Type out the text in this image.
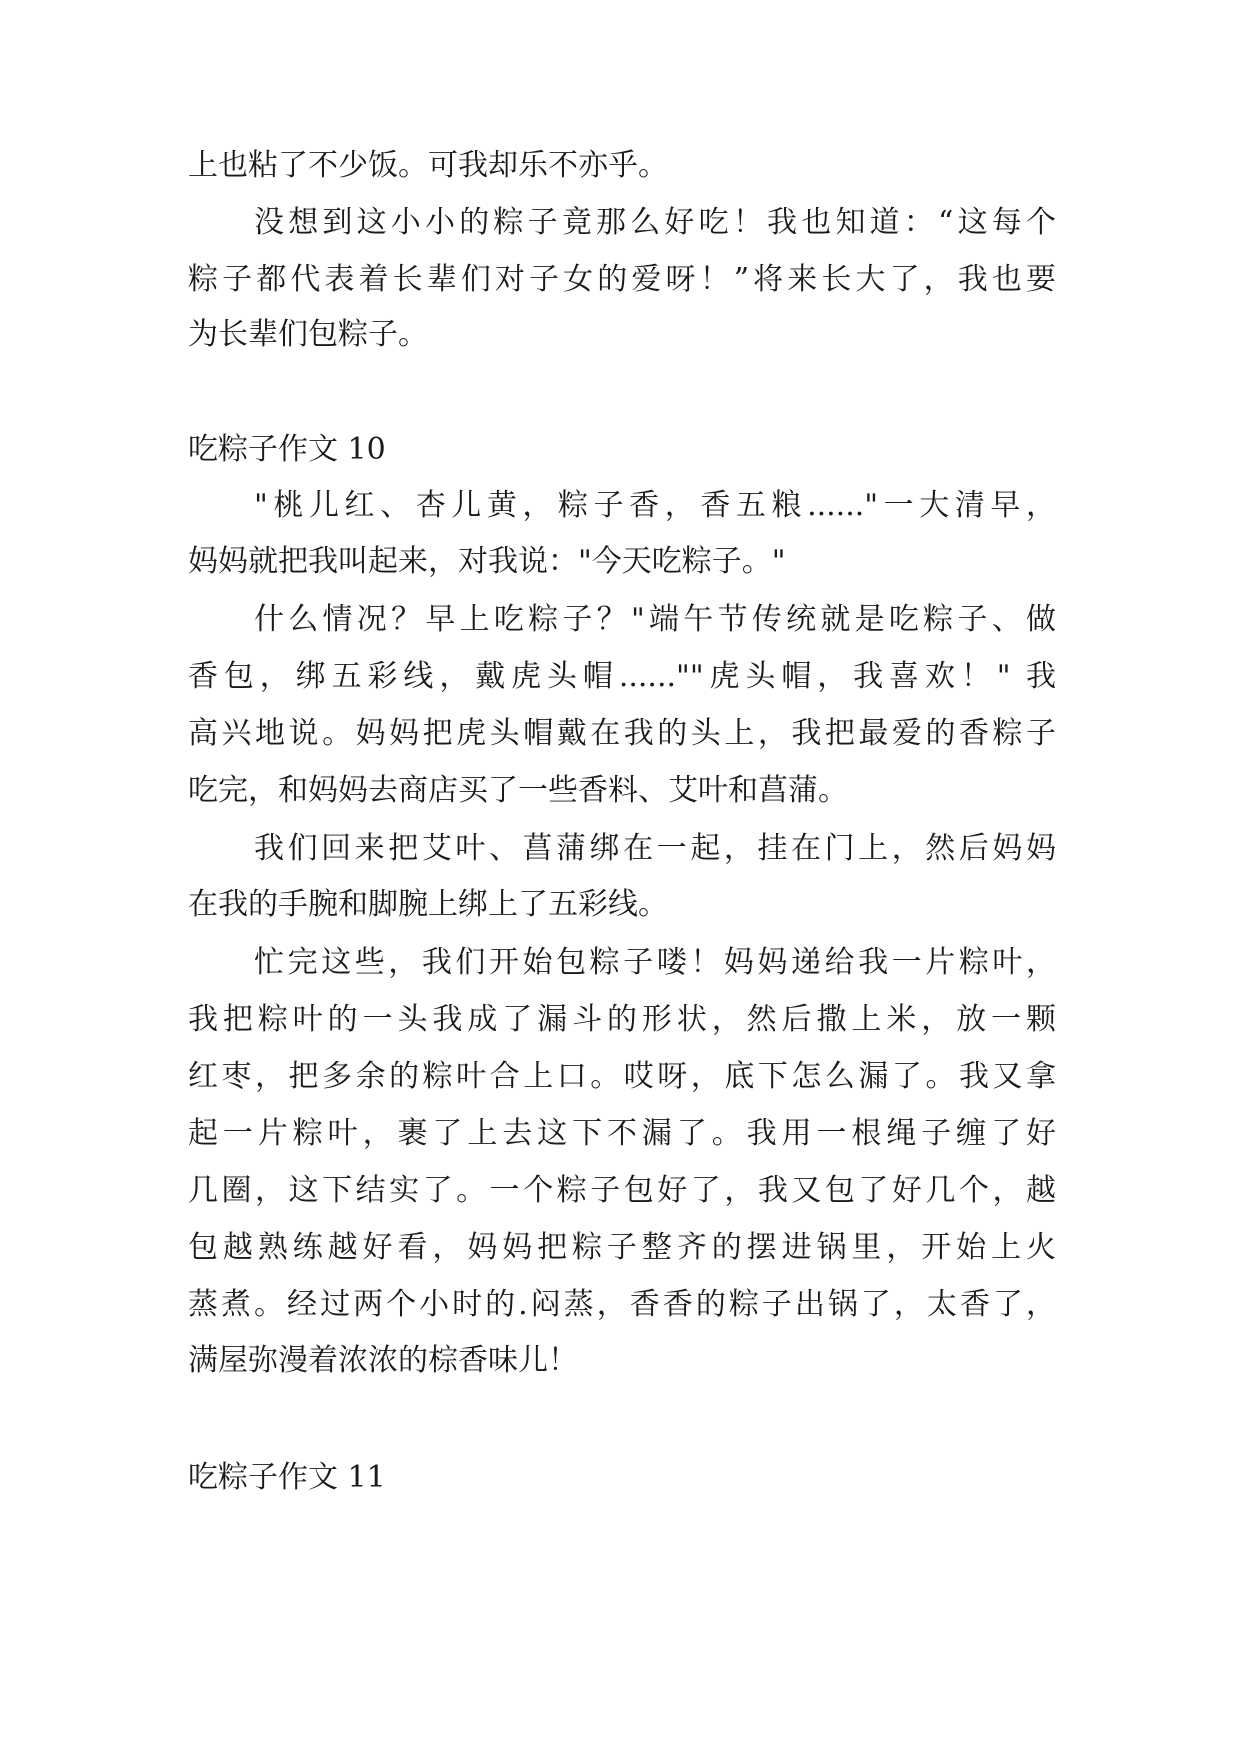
上也粘了不少饭。可我却乐不亦乎。
没想到这小小的粽子竟那么好吃！我也知道：“这每个
粽子都代表着长辈们对子女的爱呀！”将来长大了，我也要
为长辈们包粽子。
吃粽子作文 10
"桃儿红、杏儿黄，粽子香，香五粮......"一大清早，
妈妈就把我叫起来，对我说："今天吃粽子。"
什么情况？早上吃粽子？"端午节传统就是吃粽子、做
香包，绑五彩线，戴虎头帽......""虎头帽，我喜欢！" 我
高兴地说。妈妈把虎头帽戴在我的头上，我把最爱的香粽子
吃完，和妈妈去商店买了一些香料、艾叶和菖蒲。
我们回来把艾叶、菖蒲绑在一起，挂在门上，然后妈妈
在我的手腕和脚腕上绑上了五彩线。
忙完这些，我们开始包粽子喽！妈妈递给我一片粽叶，
我把粽叶的一头我成了漏斗的形状，然后撒上米，放一颗
红枣，把多余的粽叶合上口。哎呀，底下怎么漏了。我又拿
起一片粽叶，裹了上去这下不漏了。我用一根绳子缠了好
几圈，这下结实了。一个粽子包好了，我又包了好几个，越
包越熟练越好看，妈妈把粽子整齐的摆进锅里，开始上火
蒸煮。经过两个小时的.闷蒸，香香的粽子出锅了，太香了，
满屋弥漫着浓浓的棕香味儿！
吃粽子作文 11
